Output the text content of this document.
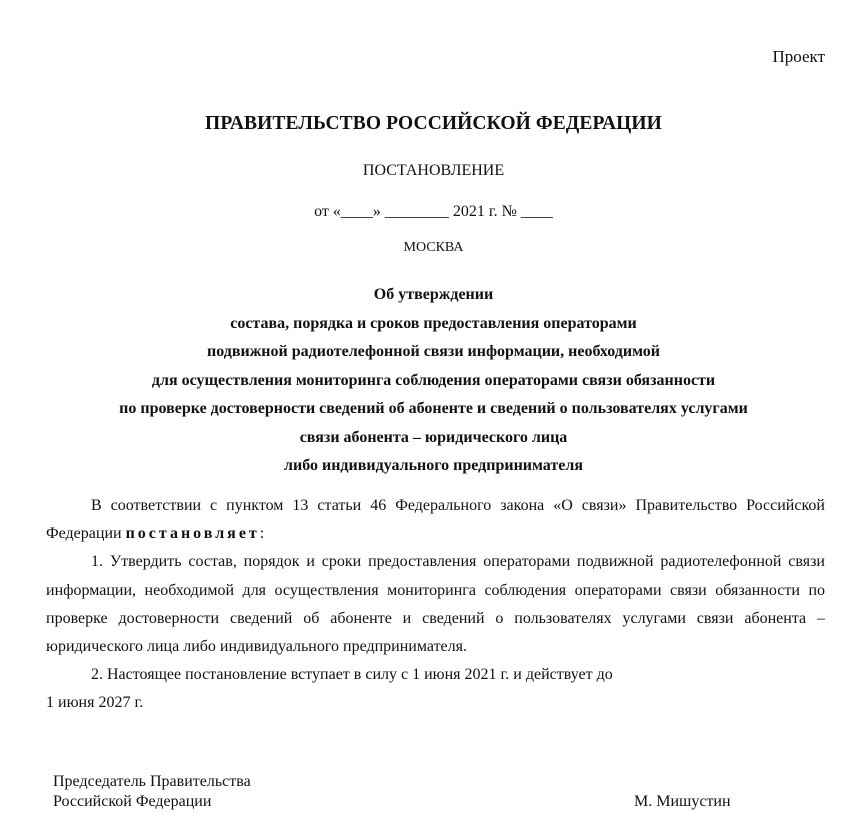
Проект
ПРАВИТЕЛЬСТВО РОССИЙСКОЙ ФЕДЕРАЦИИ
ПОСТАНОВЛЕНИЕ
от «____» ________ 2021 г. № ____
МОСКВА
Об утверждении
состава, порядка и сроков предоставления операторами
подвижной радиотелефонной связи информации, необходимой
для осуществления мониторинга соблюдения операторами связи обязанности
по проверке достоверности сведений об абоненте и сведений о пользователях услугами
связи абонента – юридического лица
либо индивидуального предпринимателя

В соответствии с пунктом 13 статьи 46 Федерального закона «О связи» Правительство Российской Федерации постановляет:

1. Утвердить состав, порядок и сроки предоставления операторами подвижной радиотелефонной связи информации, необходимой для осуществления мониторинга соблюдения операторами связи обязанности по проверке достоверности сведений об абоненте и сведений о пользователях услугами связи абонента – юридического лица либо индивидуального предпринимателя.

2. Настоящее постановление вступает в силу с 1 июня 2021 г. и действует до

1 июня 2027 г.
Председатель Правительства
Российской Федерации	М. Мишустин
